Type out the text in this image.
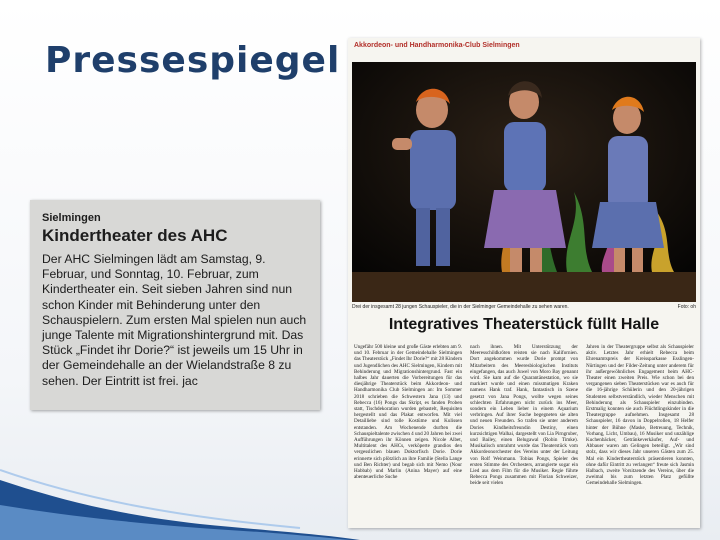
Pressespiegel

Sielmingen

Kindertheater des AHC

Der AHC Sielmingen lädt am Samstag, 9. Februar, und Sonntag, 10. Februar, zum Kindertheater ein. Seit sieben Jahren sind nun schon Kinder mit Behinderung unter den Schauspielern. Zum ersten Mal spielen nun auch junge Talente mit Migrationshintergrund mit. Das Stück „Findet ihr Dorie?“ ist jeweils um 15 Uhr in der Gemeindehalle an der Wielandstraße 8 zu sehen. Der Eintritt ist frei. jac

Akkordeon- und Handharmonika-Club Sielmingen
Drei der insgesamt 28 jungen Schauspieler, die in der Sielminger Gemeindehalle zu sehen waren.	Foto: oh
Integratives Theaterstück füllt Halle

Ungefähr 500 kleine und große Gäste erlebten am 9. und 10. Februar in der Gemeindehalle Sielmingen das Theaterstück „Findet Ihr Dorie?“ mit 28 Kindern und Jugendlichen des AHC Sielmingen, Kindern mit Behinderung und Migrationshintergrund. Fast ein halbes Jahr dauerten die Vorbereitungen für das diesjährige Theaterstück beim Akkordeon- und Handharmonika Club Sielmingen an: Im Sommer 2018 schrieben die Schwestern Jana (13) und Rebecca (16) Pongs das Skript, es fanden Proben statt, Tischdekoration wurden gebastelt, Requisiten hergestellt und das Plakat entworfen. Mit viel Detailliebe sind tolle Kostüme und Kulissen entstanden. Am Wochenende durften die Schauspieltalente zwischen 4 und 20 Jahren bei zwei Aufführungen ihr Können zeigen. Nicole Albet, Multitalent des AHCs, verköperte grandios den vergesslichen blauen Doktorfisch Dorie. Dorie erinnerte sich plötzlich an ihre Familie (Stella Lange und Ben Richter) und begab sich mit Nemo (Nour Habbab) und Marlin (Anina Mayer) auf eine abenteuerliche Suche

nach ihnen. Mit Unterstützung der Meeresschildkröten reisten sie nach Kalifornien. Dort angekommen wurde Dorie prompt von Mitarbeitern des Meeresbiologischen Instituts eingefangen, das auch Juwel von Moro Bay genannt wird. Sie kam auf die Quarantänestation, wo sie markiert wurde und einen missmutigen Kraken namens Hank traf. Hank, fantastisch in Szene gesetzt von Jana Pongs, wollte wegen seines schlechten Erfahrungen nicht zurück ins Meer, sondern ein Leben lieber in einem Aquarium verbringen. Auf ihrer Suche begegneten sie alten und neuen Freunden. So trafen sie unter anderem Dories Kindheitsfreundin Destiny, einen kurzsichtigen Walhai, dargestellt von Lia Pirngruber, und Bailey, einen Belugawal (Robin Timke). Musikalisch umrahmt wurde das Theaterstück vom Akkordeonorchester des Vereins unter der Leitung von Rolf Weinmann. Tobias Pongs, Spieler des ersten Stimme des Orchesters, arrangierte sogar ein Lied aus dem Film für die Musiker. Regie führte Rebecca Pongs zusammen mit Florian Schweizer, beide seit vielen

Jahren in der Theatergruppe selbst als Schauspieler aktiv. Letztes Jahr erhielt Rebecca beim Ehrenamtspreis der Kreissparkasse Esslingen-Nürtingen und der Filder-Zeitung unter anderem für ihr außergewöhnliches Engagement beim AHC-Theater einen zweiten Preis. Wie schon bei den vergangenen sieben Theaterstücken war es auch für die 16-jährige Schülerin und den 20-jährigen Studenten selbstverständlich, wieder Menschen mit Behinderung als Schauspieler einzubinden. Erstmalig konnten sie auch Flüchtlingskinder in die Theatergruppe aufnehmen. Insgesamt 28 Schauspieler, 16 davon in Doppelrollen, 18 Helfer hinter der Bühne (Maske, Betreuung, Technik, Vorhang, Licht, Umbau), 16 Musiker und unzählige Kuchenbäcker, Getränkeverkäufer, Auf- und Abbauer waren am Gelingen beteiligt. „Wir sind stolz, dass wir dieses Jahr unseren Gästen zum 25. Mal ein Kindertheaterstück präsentieren konnten, ohne dafür Eintritt zu verlangen“ freute sich Jasmin Halbach, zweite Vorsitzende des Vereins, über die zweimal bis zum letzten Platz gefüllte Gemeindehalle Sielmingen.
